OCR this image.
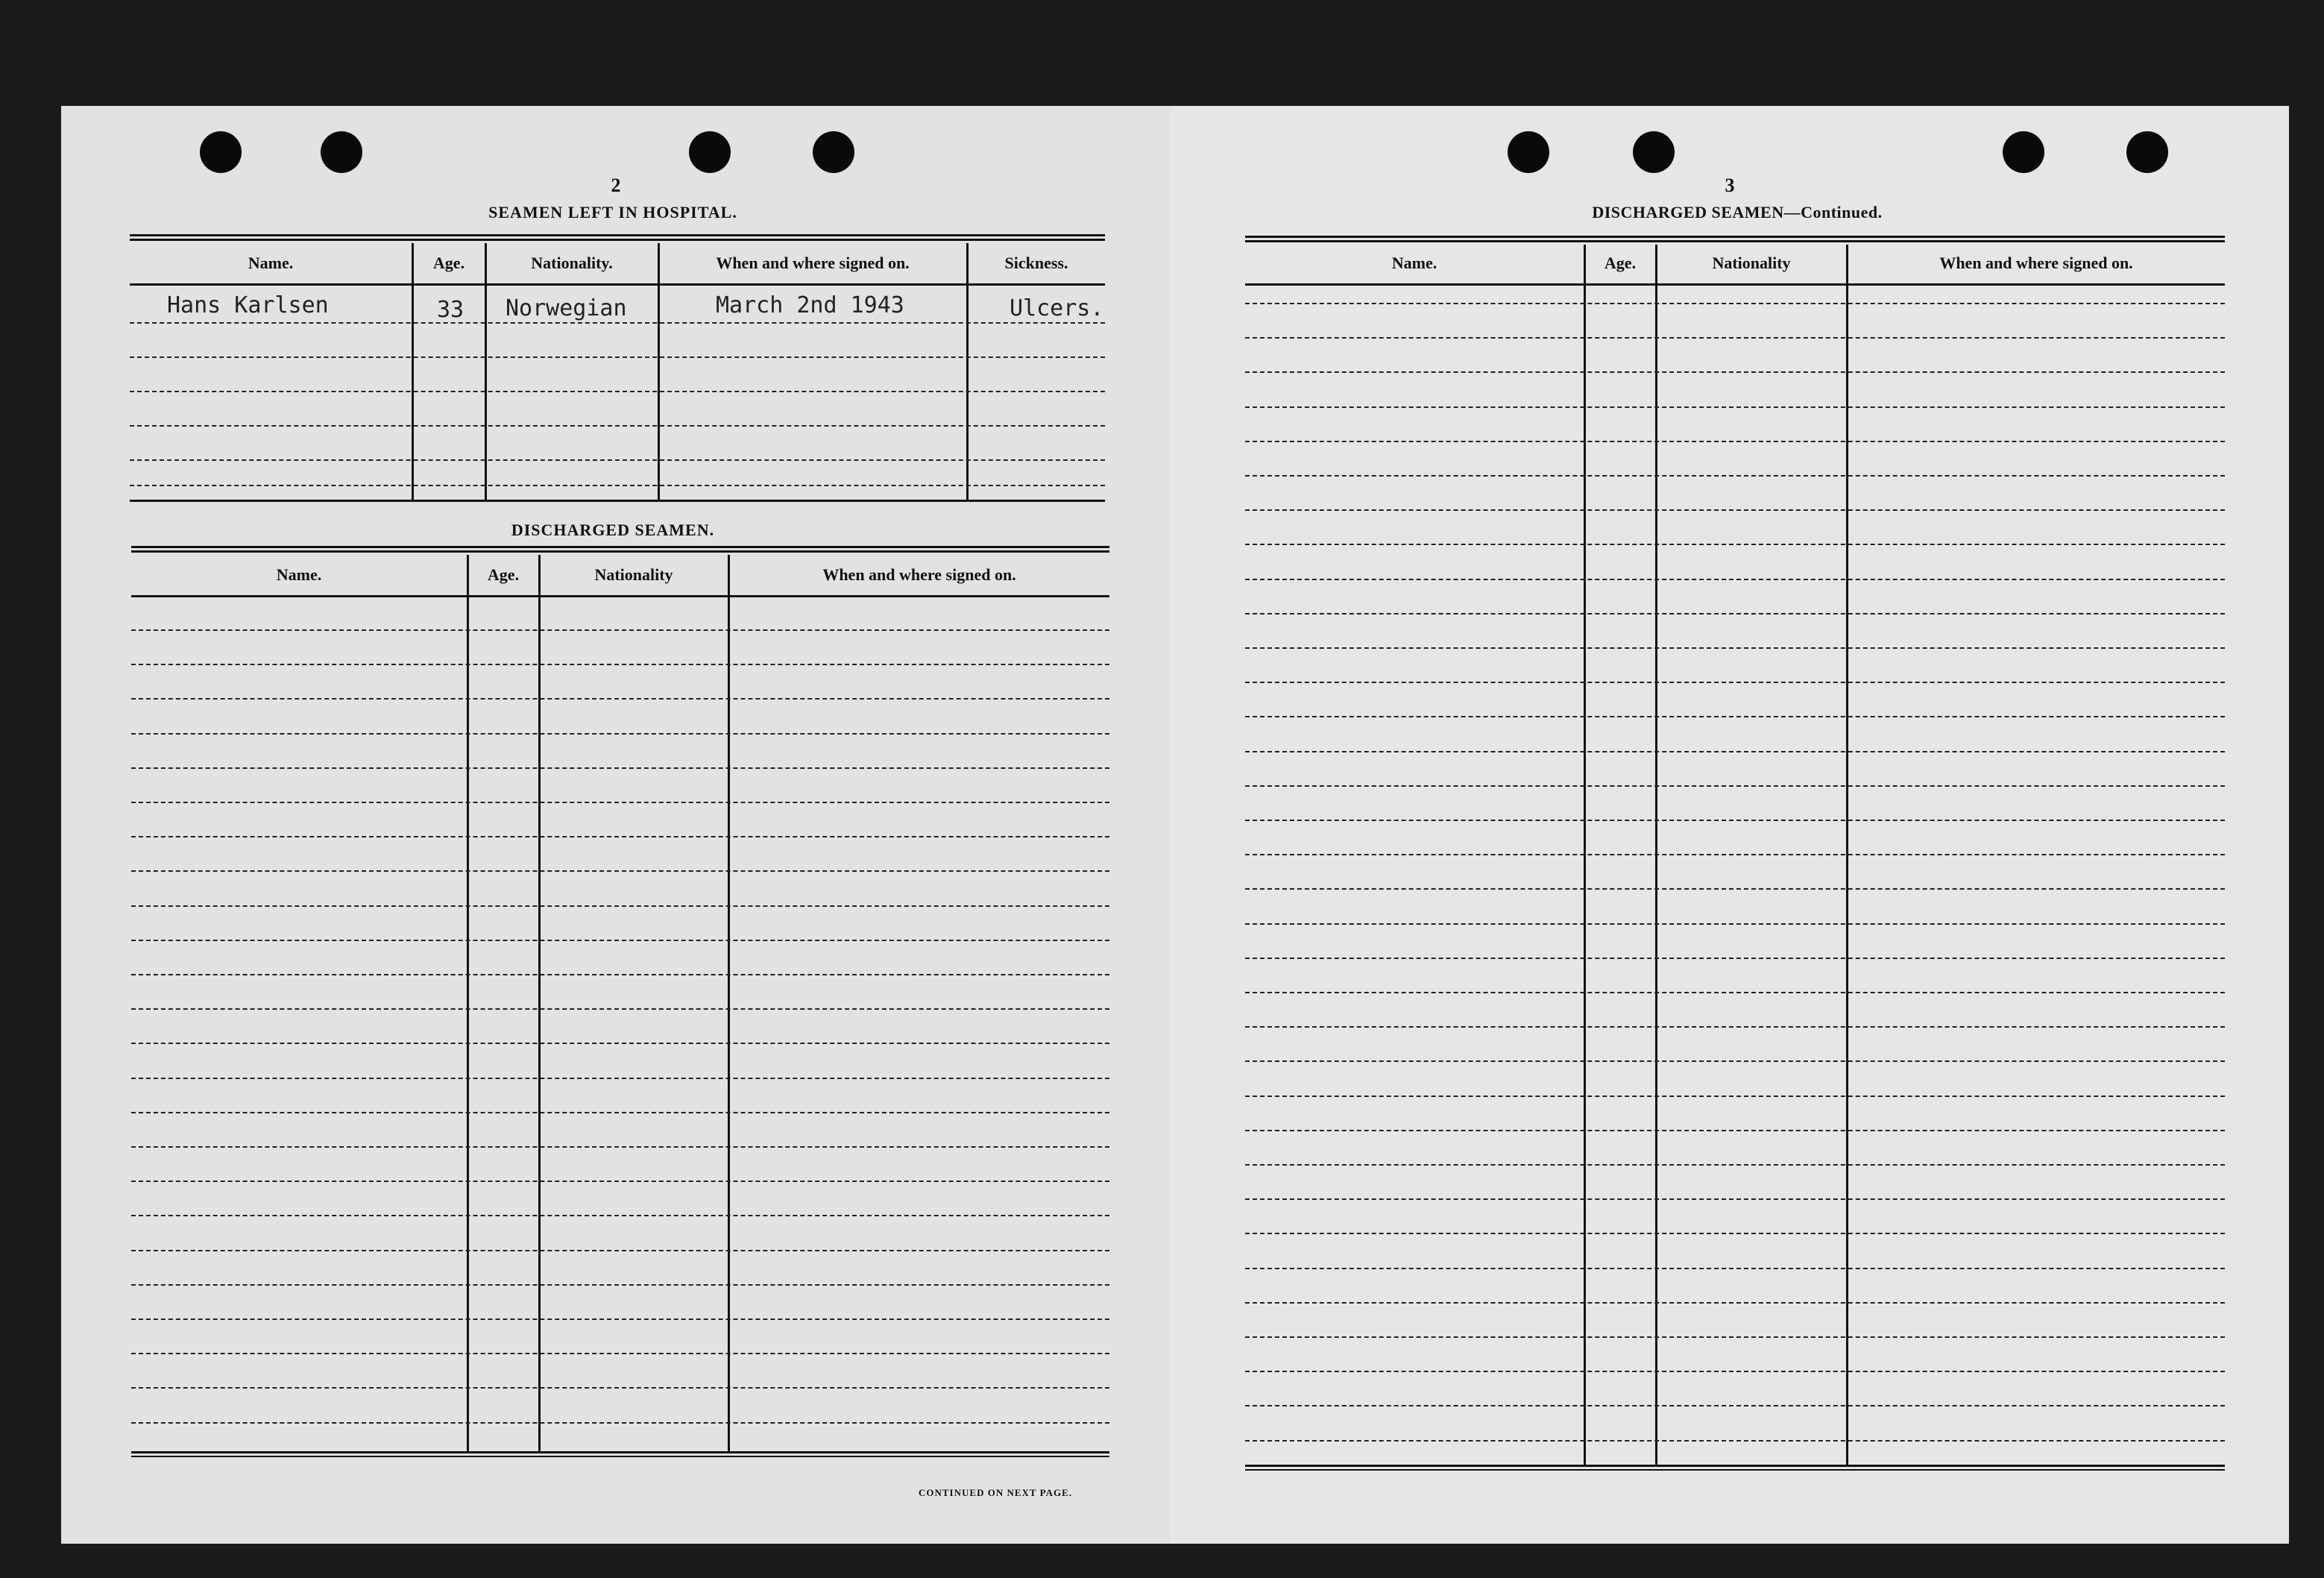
2
SEAMEN LEFT IN HOSPITAL.
Name.	Age.	Nationality.	When and where signed on.	Sickness.
Hans Karlsen	33 Norwegian	March 2nd 1943	Ulcers.
DISCHARGED SEAMEN.
Name.	Age.	Nationality	When and where signed on.
CONTINUED ON NEXT PAGE.
3
DISCHARGED SEAMEN—Continued.
Name.	Age.	Nationality	When and where signed on.
